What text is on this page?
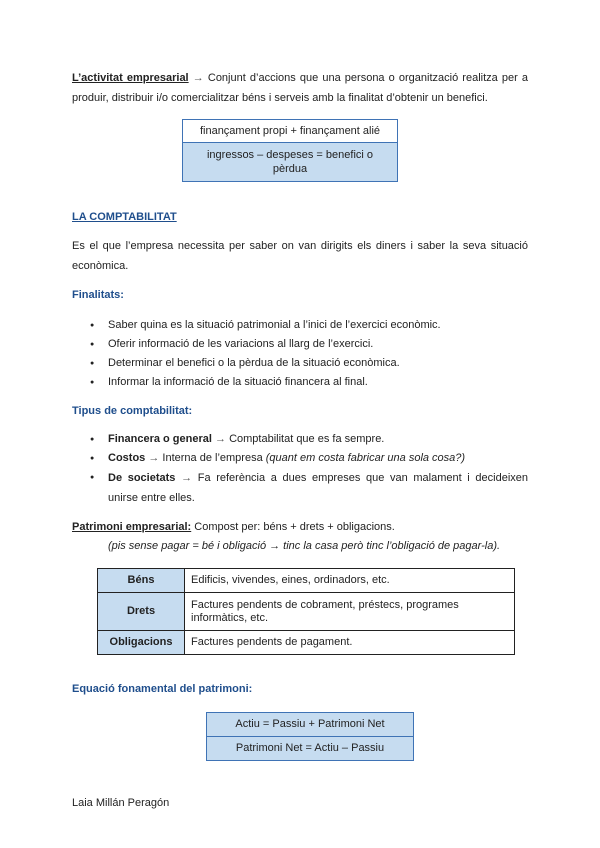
L’activitat empresarial → Conjunt d’accions que una persona o organització realitza per a produir, distribuir i/o comercialitzar béns i serveis amb la finalitat d’obtenir un benefici.
finançament propi + finançament alié
ingressos – despeses = benefici o pèrdua
LA COMPTABILITAT
Es el que l’empresa necessita per saber on van dirigits els diners i saber la seva situació econòmica.
Finalitats:
● Saber quina es la situació patrimonial a l’inici de l’exercici econòmic.
● Oferir informació de les variacions al llarg de l’exercici.
● Determinar el benefici o la pèrdua de la situació econòmica.
● Informar la informació de la situació financera al final.
Tipus de comptabilitat:
● Financera o general → Comptabilitat que es fa sempre.
● Costos → Interna de l’empresa (quant em costa fabricar una sola cosa?)
● De societats → Fa referència a dues empreses que van malament i decideixen unirse entre elles.
Patrimoni empresarial: Compost per: béns + drets + obligacions.
(pis sense pagar = bé i obligació → tinc la casa però tinc l’obligació de pagar-la).
Béns	Edificis, vivendes, eines, ordinadors, etc.
Drets	Factures pendents de cobrament, préstecs, programes informàtics, etc.
Obligacions	Factures pendents de pagament.
Equació fonamental del patrimoni:
Actiu = Passiu + Patrimoni Net
Patrimoni Net = Actiu – Passiu
Laia Millán Peragón
